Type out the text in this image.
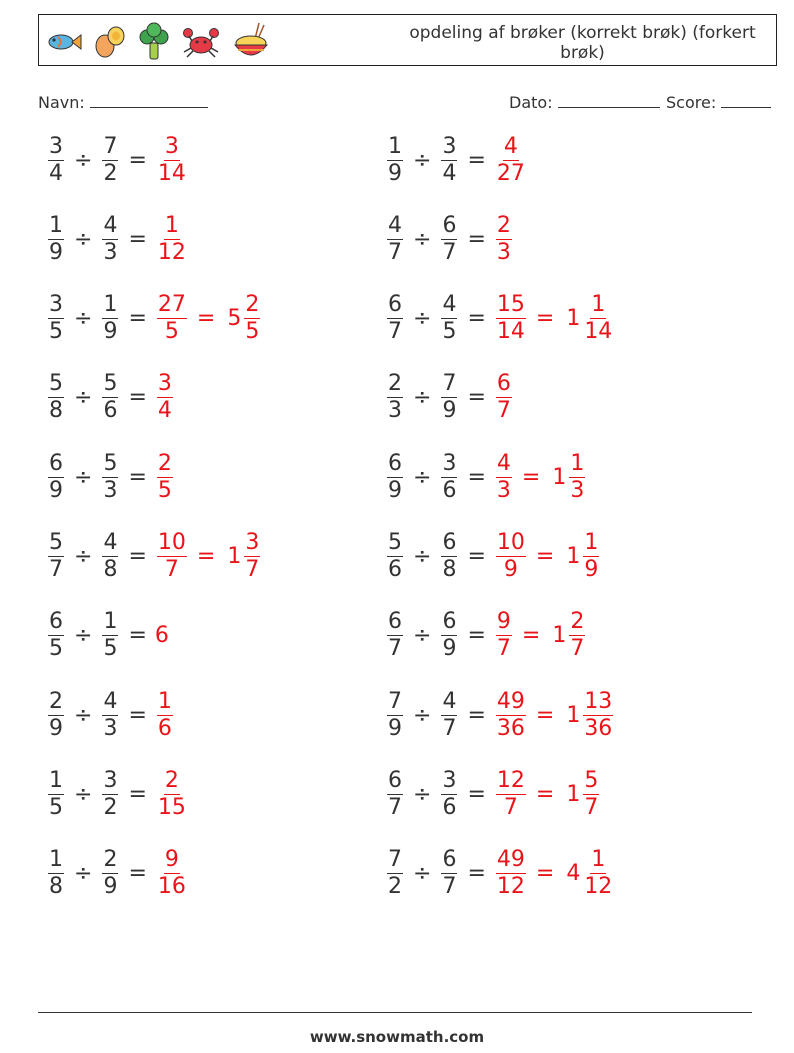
opdeling af brøker (korrekt brøk) (forkert brøk)
Navn:	Dato:	Score:
$\frac{3}{4} \div \frac{7}{2} = \frac{3}{14}$	$\frac{1}{9} \div \frac{3}{4} = \frac{4}{27}$
$\frac{1}{9} \div \frac{4}{3} = \frac{1}{12}$	$\frac{4}{7} \div \frac{6}{7} = \frac{2}{3}$
$\frac{3}{5} \div \frac{1}{9} = \frac{27}{5} = 5 \frac{2}{5}$	$\frac{6}{7} \div \frac{4}{5} = \frac{15}{14} = 1 \frac{1}{14}$
$\frac{5}{8} \div \frac{5}{6} = \frac{3}{4}$	$\frac{2}{3} \div \frac{7}{9} = \frac{6}{7}$
$\frac{6}{9} \div \frac{5}{3} = \frac{2}{5}$	$\frac{6}{9} \div \frac{3}{6} = \frac{4}{3} = 1 \frac{1}{3}$
$\frac{5}{7} \div \frac{4}{8} = \frac{10}{7} = 1 \frac{3}{7}$	$\frac{5}{6} \div \frac{6}{8} = \frac{10}{9} = 1 \frac{1}{9}$
$\frac{6}{5} \div \frac{1}{5} = 6$	$\frac{6}{7} \div \frac{6}{9} = \frac{9}{7} = 1 \frac{2}{7}$
$\frac{2}{9} \div \frac{4}{3} = \frac{1}{6}$	$\frac{7}{9} \div \frac{4}{7} = \frac{49}{36} = 1 \frac{13}{36}$
$\frac{1}{5} \div \frac{3}{2} = \frac{2}{15}$	$\frac{6}{7} \div \frac{3}{6} = \frac{12}{7} = 1 \frac{5}{7}$
$\frac{1}{8} \div \frac{2}{9} = \frac{9}{16}$	$\frac{7}{2} \div \frac{6}{7} = \frac{49}{12} = 4 \frac{1}{12}$
www.snowmath.com
